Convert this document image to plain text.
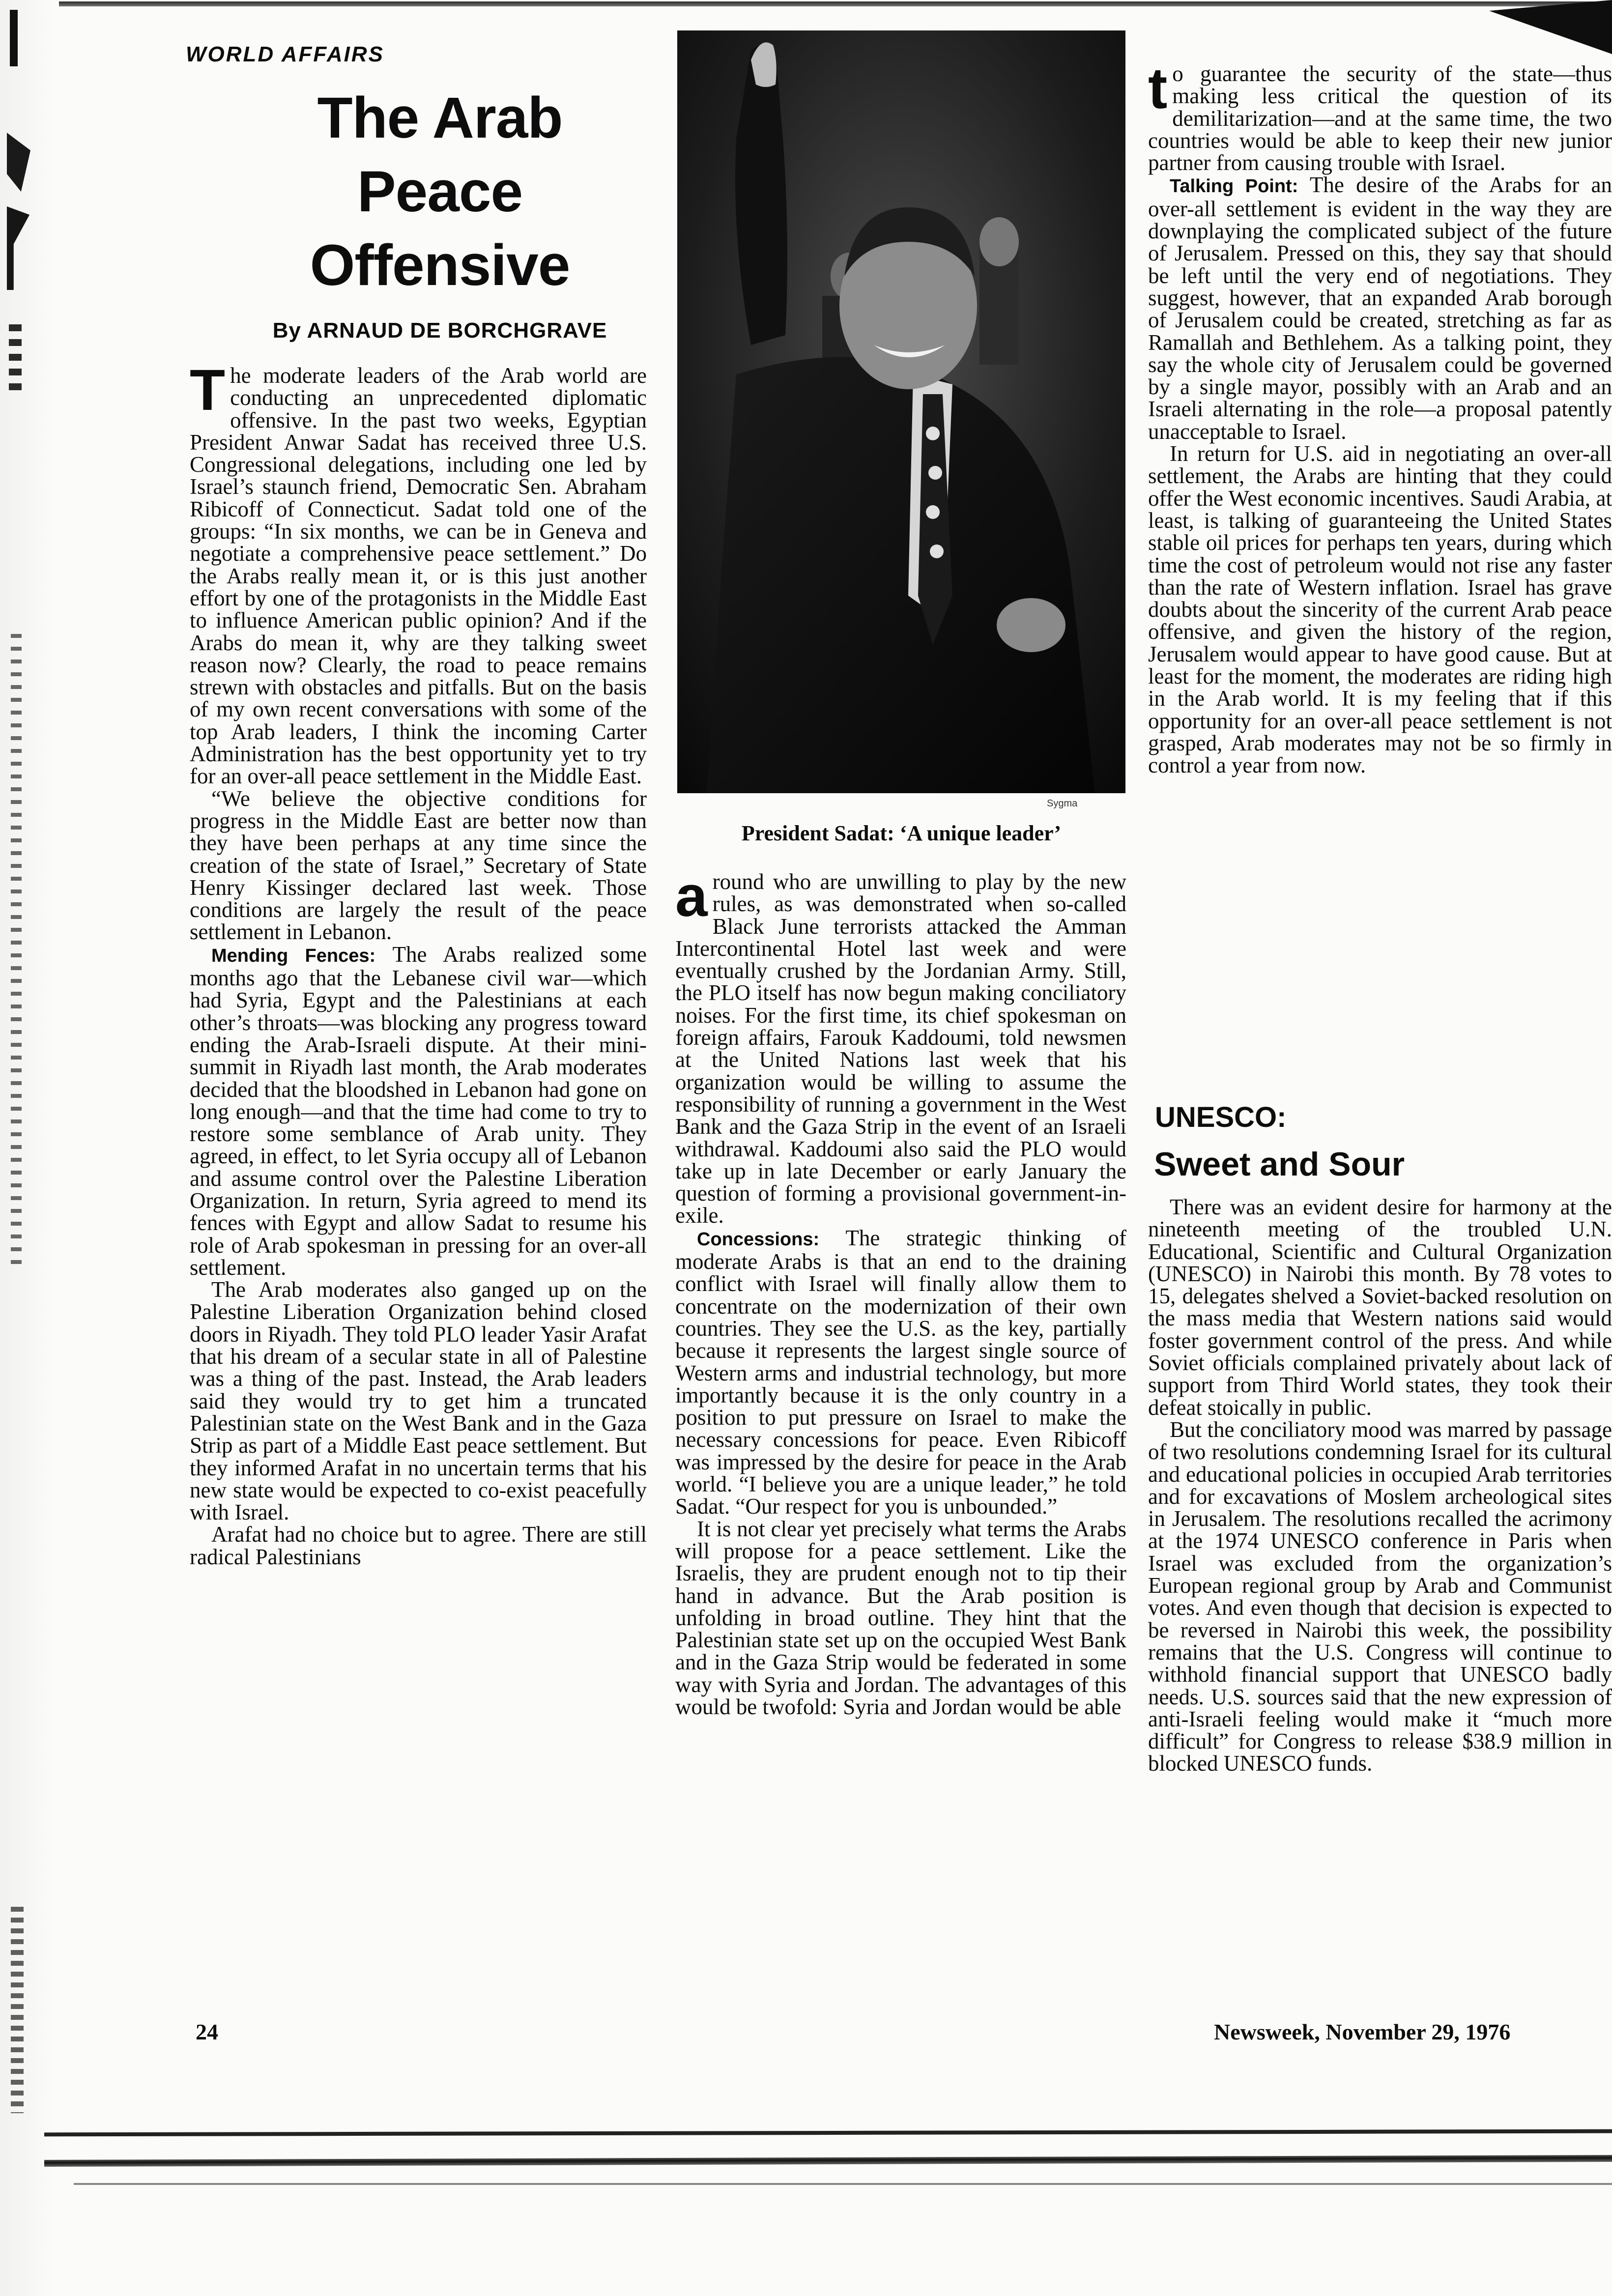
WORLD AFFAIRS
The Arab
Peace
Offensive
By ARNAUD DE BORCHGRAVE

The moderate leaders of the Arab world are conducting an unprecedented diplomatic offensive. In the past two weeks, Egyptian President Anwar Sadat has received three U.S. Congressional delegations, including one led by Israel’s staunch friend, Democratic Sen. Abraham Ribicoff of Connecticut. Sadat told one of the groups: “In six months, we can be in Geneva and negotiate a comprehensive peace settlement.” Do the Arabs really mean it, or is this just another effort by one of the protagonists in the Middle East to influence American public opinion? And if the Arabs do mean it, why are they talking sweet reason now? Clearly, the road to peace remains strewn with obstacles and pitfalls. But on the basis of my own recent conversations with some of the top Arab leaders, I think the incoming Carter Administration has the best opportunity yet to try for an over-all peace settlement in the Middle East.

“We believe the objective conditions for progress in the Middle East are better now than they have been perhaps at any time since the creation of the state of Israel,” Secretary of State Henry Kissinger declared last week. Those conditions are largely the result of the peace settlement in Lebanon.

Mending Fences: The Arabs realized some months ago that the Lebanese civil war—which had Syria, Egypt and the Palestinians at each other’s throats—was blocking any progress toward ending the Arab-Israeli dispute. At their mini-summit in Riyadh last month, the Arab moderates decided that the bloodshed in Lebanon had gone on long enough—and that the time had come to try to restore some semblance of Arab unity. They agreed, in effect, to let Syria occupy all of Lebanon and assume control over the Palestine Liberation Organization. In return, Syria agreed to mend its fences with Egypt and allow Sadat to resume his role of Arab spokesman in pressing for an over-all settlement.

The Arab moderates also ganged up on the Palestine Liberation Organization behind closed doors in Riyadh. They told PLO leader Yasir Arafat that his dream of a secular state in all of Palestine was a thing of the past. Instead, the Arab leaders said they would try to get him a truncated Palestinian state on the West Bank and in the Gaza Strip as part of a Middle East peace settlement. But they informed Arafat in no uncertain terms that his new state would be expected to co-exist peacefully with Israel.

Arafat had no choice but to agree. There are still radical Palestinians

Sygma
President Sadat: ‘A unique leader’

around who are unwilling to play by the new rules, as was demonstrated when so-called Black June terrorists attacked the Amman Intercontinental Hotel last week and were eventually crushed by the Jordanian Army. Still, the PLO itself has now begun making conciliatory noises. For the first time, its chief spokesman on foreign affairs, Farouk Kaddoumi, told newsmen at the United Nations last week that his organization would be willing to assume the responsibility of running a government in the West Bank and the Gaza Strip in the event of an Israeli withdrawal. Kaddoumi also said the PLO would take up in late December or early January the question of forming a provisional government-in-exile.

Concessions: The strategic thinking of moderate Arabs is that an end to the draining conflict with Israel will finally allow them to concentrate on the modernization of their own countries. They see the U.S. as the key, partially because it represents the largest single source of Western arms and industrial technology, but more importantly because it is the only country in a position to put pressure on Israel to make the necessary concessions for peace. Even Ribicoff was impressed by the desire for peace in the Arab world. “I believe you are a unique leader,” he told Sadat. “Our respect for you is unbounded.”

It is not clear yet precisely what terms the Arabs will propose for a peace settlement. Like the Israelis, they are prudent enough not to tip their hand in advance. But the Arab position is unfolding in broad outline. They hint that the Palestinian state set up on the occupied West Bank and in the Gaza Strip would be federated in some way with Syria and Jordan. The advantages of this would be twofold: Syria and Jordan would be able

to guarantee the security of the state—thus making less critical the question of its demilitarization—and at the same time, the two countries would be able to keep their new junior partner from causing trouble with Israel.

Talking Point: The desire of the Arabs for an over-all settlement is evident in the way they are downplaying the complicated subject of the future of Jerusalem. Pressed on this, they say that should be left until the very end of negotiations. They suggest, however, that an expanded Arab borough of Jerusalem could be created, stretching as far as Ramallah and Bethlehem. As a talking point, they say the whole city of Jerusalem could be governed by a single mayor, possibly with an Arab and an Israeli alternating in the role—a proposal patently unacceptable to Israel.

In return for U.S. aid in negotiating an over-all settlement, the Arabs are hinting that they could offer the West economic incentives. Saudi Arabia, at least, is talking of guaranteeing the United States stable oil prices for perhaps ten years, during which time the cost of petroleum would not rise any faster than the rate of Western inflation. Israel has grave doubts about the sincerity of the current Arab peace offensive, and given the history of the region, Jerusalem would appear to have good cause. But at least for the moment, the moderates are riding high in the Arab world. It is my feeling that if this opportunity for an over-all peace settlement is not grasped, Arab moderates may not be so firmly in control a year from now.

UNESCO:
Sweet and Sour

There was an evident desire for harmony at the nineteenth meeting of the troubled U.N. Educational, Scientific and Cultural Organization (UNESCO) in Nairobi this month. By 78 votes to 15, delegates shelved a Soviet-backed resolution on the mass media that Western nations said would foster government control of the press. And while Soviet officials complained privately about lack of support from Third World states, they took their defeat stoically in public.

But the conciliatory mood was marred by passage of two resolutions condemning Israel for its cultural and educational policies in occupied Arab territories and for excavations of Moslem archeological sites in Jerusalem. The resolutions recalled the acrimony at the 1974 UNESCO conference in Paris when Israel was excluded from the organization’s European regional group by Arab and Communist votes. And even though that decision is expected to be reversed in Nairobi this week, the possibility remains that the U.S. Congress will continue to withhold financial support that UNESCO badly needs. U.S. sources said that the new expression of anti-Israeli feeling would make it “much more difficult” for Congress to release $38.9 million in blocked UNESCO funds.

24	Newsweek, November 29, 1976
